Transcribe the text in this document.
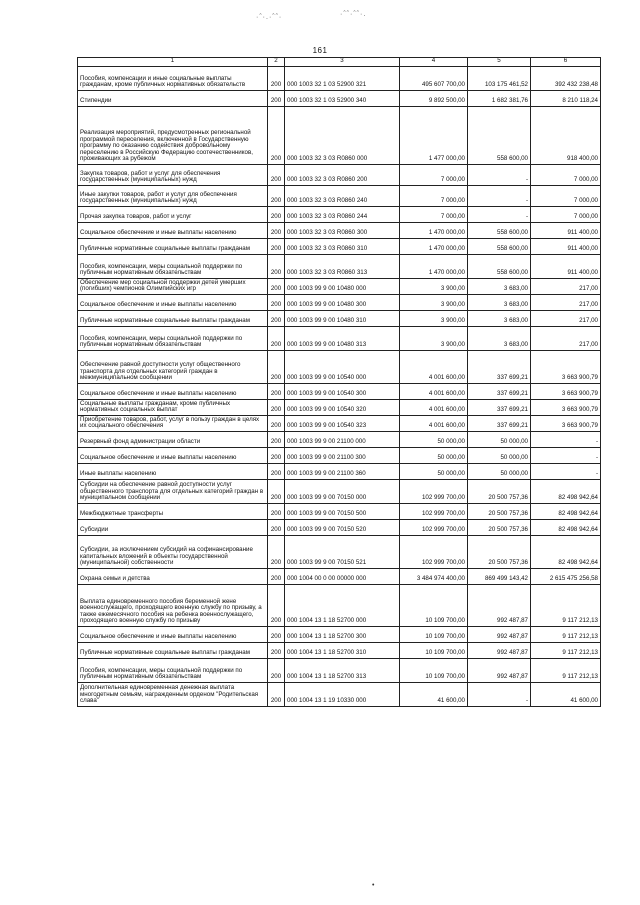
·ˆ·.·ˆˆ·	·ˆˆ·ˆˆ·.
161
1	2	3	4	5	6
Пособия, компенсации и иные социальные выплаты гражданам, кроме публичных нормативных обязательств	200	000 1003 32 1 03 52900 321	495 607 700,00	103 175 461,52	392 432 238,48
Стипендии	200	000 1003 32 1 03 52900 340	9 892 500,00	1 682 381,76	8 210 118,24
Реализация мероприятий, предусмотренных региональной программой переселения, включенной в Государственную программу по оказанию содействия добровольному переселению в Российскую Федерацию соотечественников, проживающих за рубежом	200	000 1003 32 3 03 R0860 000	1 477 000,00	558 600,00	918 400,00
Закупка товаров, работ и услуг для обеспечения государственных (муниципальных) нужд	200	000 1003 32 3 03 R0860 200	7 000,00	-	7 000,00
Иные закупки товаров, работ и услуг для обеспечения государственных (муниципальных) нужд	200	000 1003 32 3 03 R0860 240	7 000,00	-	7 000,00
Прочая закупка товаров, работ и услуг	200	000 1003 32 3 03 R0860 244	7 000,00	-	7 000,00
Социальное обеспечение и иные выплаты населению	200	000 1003 32 3 03 R0860 300	1 470 000,00	558 600,00	911 400,00
Публичные нормативные социальные выплаты гражданам	200	000 1003 32 3 03 R0860 310	1 470 000,00	558 600,00	911 400,00
Пособия, компенсации, меры социальной поддержки по публичным нормативным обязательствам	200	000 1003 32 3 03 R0860 313	1 470 000,00	558 600,00	911 400,00
Обеспечение мер социальной поддержки детей умерших (погибших) чемпионов Олимпийских игр	200	000 1003 99 9 00 10480 000	3 900,00	3 683,00	217,00
Социальное обеспечение и иные выплаты населению	200	000 1003 99 9 00 10480 300	3 900,00	3 683,00	217,00
Публичные нормативные социальные выплаты гражданам	200	000 1003 99 9 00 10480 310	3 900,00	3 683,00	217,00
Пособия, компенсации, меры социальной поддержки по публичным нормативным обязательствам	200	000 1003 99 9 00 10480 313	3 900,00	3 683,00	217,00
Обеспечение равной доступности услуг общественного транспорта для отдельных категорий граждан в межмуниципальном сообщении	200	000 1003 99 9 00 10540 000	4 001 600,00	337 699,21	3 663 900,79
Социальное обеспечение и иные выплаты населению	200	000 1003 99 9 00 10540 300	4 001 600,00	337 699,21	3 663 900,79
Социальные выплаты гражданам, кроме публичных нормативных социальных выплат	200	000 1003 99 9 00 10540 320	4 001 600,00	337 699,21	3 663 900,79
Приобретение товаров, работ, услуг в пользу граждан в целях их социального обеспечения	200	000 1003 99 9 00 10540 323	4 001 600,00	337 699,21	3 663 900,79
Резервный фонд администрации области	200	000 1003 99 9 00 21100 000	50 000,00	50 000,00	-
Социальное обеспечение и иные выплаты населению	200	000 1003 99 9 00 21100 300	50 000,00	50 000,00	-
Иные выплаты населению	200	000 1003 99 9 00 21100 360	50 000,00	50 000,00	-
Субсидии на обеспечение равной доступности услуг общественного транспорта для отдельных категорий граждан в муниципальном сообщении	200	000 1003 99 9 00 70150 000	102 999 700,00	20 500 757,36	82 498 942,64
Межбюджетные трансферты	200	000 1003 99 9 00 70150 500	102 999 700,00	20 500 757,36	82 498 942,64
Субсидии	200	000 1003 99 9 00 70150 520	102 999 700,00	20 500 757,36	82 498 942,64
Субсидии, за исключением субсидий на софинансирование капитальных вложений в объекты государственной (муниципальной) собственности	200	000 1003 99 9 00 70150 521	102 999 700,00	20 500 757,36	82 498 942,64
Охрана семьи и детства	200	000 1004 00 0 00 00000 000	3 484 974 400,00	869 499 143,42	2 615 475 256,58
Выплата единовременного пособия беременной жене военнослужащего, проходящего военную службу по призыву, а также ежемесячного пособия на ребенка военнослужащего, проходящего военную службу по призыву	200	000 1004 13 1 18 52700 000	10 109 700,00	992 487,87	9 117 212,13
Социальное обеспечение и иные выплаты населению	200	000 1004 13 1 18 52700 300	10 109 700,00	992 487,87	9 117 212,13
Публичные нормативные социальные выплаты гражданам	200	000 1004 13 1 18 52700 310	10 109 700,00	992 487,87	9 117 212,13
Пособия, компенсации, меры социальной поддержки по публичным нормативным обязательствам	200	000 1004 13 1 18 52700 313	10 109 700,00	992 487,87	9 117 212,13
Дополнительная единовременная денежная выплата многодетным семьям, награжденным орденом "Родительская слава"	200	000 1004 13 1 19 10330 000	41 600,00	-	41 600,00
•
